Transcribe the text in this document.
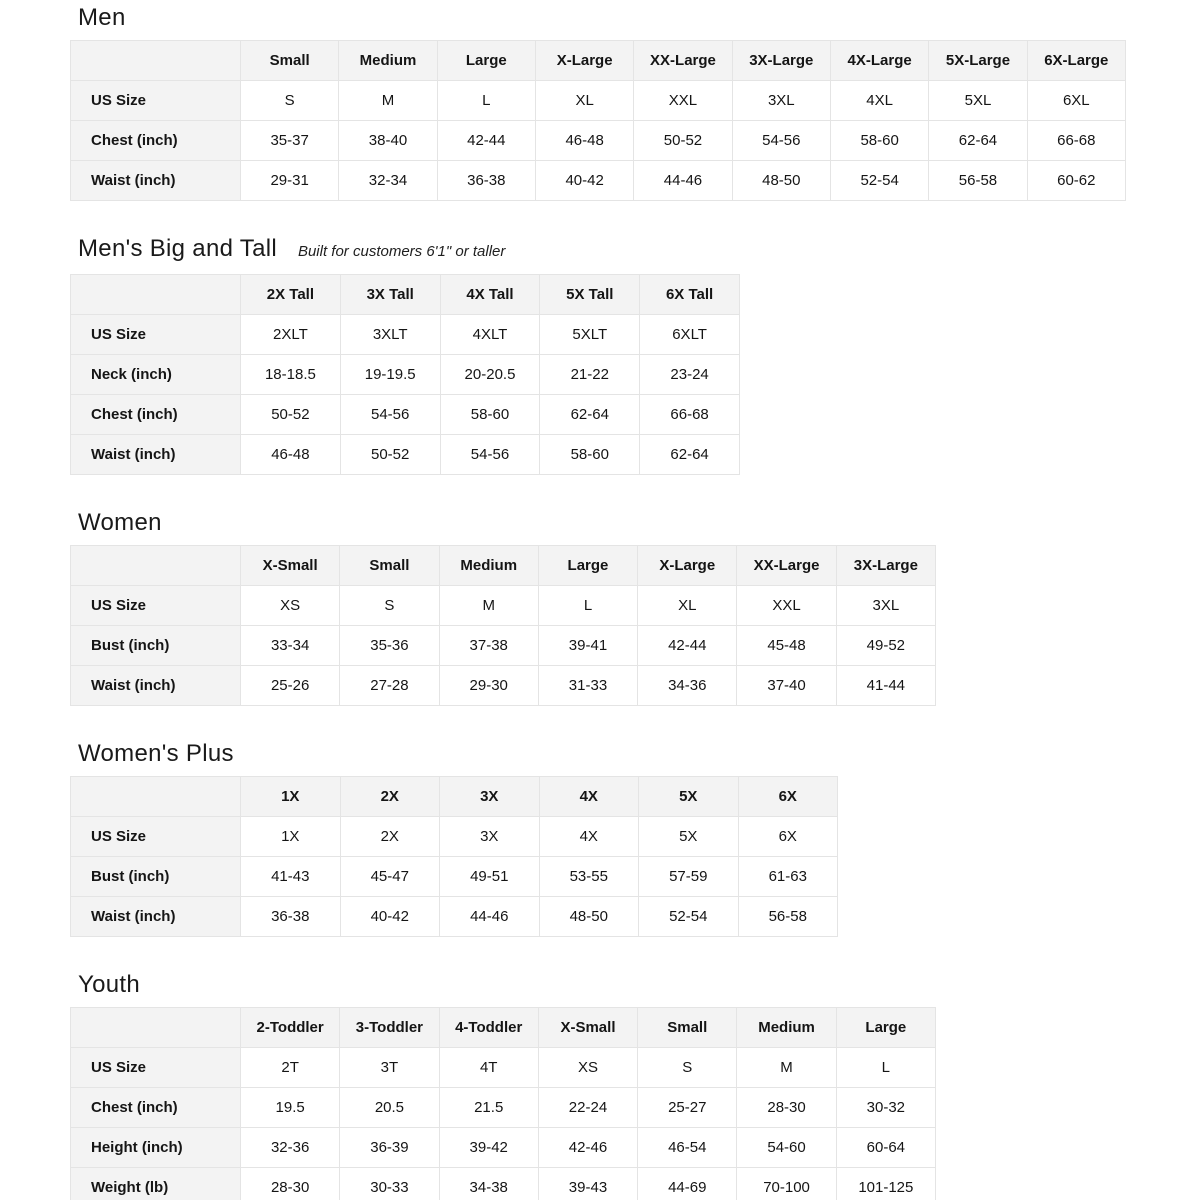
Men
	Small	Medium	Large	X-Large	XX-Large	3X-Large	4X-Large	5X-Large	6X-Large
US Size	S	M	L	XL	XXL	3XL	4XL	5XL	6XL
Chest (inch)	35-37	38-40	42-44	46-48	50-52	54-56	58-60	62-64	66-68
Waist (inch)	29-31	32-34	36-38	40-42	44-46	48-50	52-54	56-58	60-62
Men's Big and Tall Built for customers 6'1" or taller
	2X Tall	3X Tall	4X Tall	5X Tall	6X Tall
US Size	2XLT	3XLT	4XLT	5XLT	6XLT
Neck (inch)	18-18.5	19-19.5	20-20.5	21-22	23-24
Chest (inch)	50-52	54-56	58-60	62-64	66-68
Waist (inch)	46-48	50-52	54-56	58-60	62-64
Women
	X-Small	Small	Medium	Large	X-Large	XX-Large	3X-Large
US Size	XS	S	M	L	XL	XXL	3XL
Bust (inch)	33-34	35-36	37-38	39-41	42-44	45-48	49-52
Waist (inch)	25-26	27-28	29-30	31-33	34-36	37-40	41-44
Women's Plus
	1X	2X	3X	4X	5X	6X
US Size	1X	2X	3X	4X	5X	6X
Bust (inch)	41-43	45-47	49-51	53-55	57-59	61-63
Waist (inch)	36-38	40-42	44-46	48-50	52-54	56-58
Youth
	2-Toddler	3-Toddler	4-Toddler	X-Small	Small	Medium	Large
US Size	2T	3T	4T	XS	S	M	L
Chest (inch)	19.5	20.5	21.5	22-24	25-27	28-30	30-32
Height (inch)	32-36	36-39	39-42	42-46	46-54	54-60	60-64
Weight (lb)	28-30	30-33	34-38	39-43	44-69	70-100	101-125
